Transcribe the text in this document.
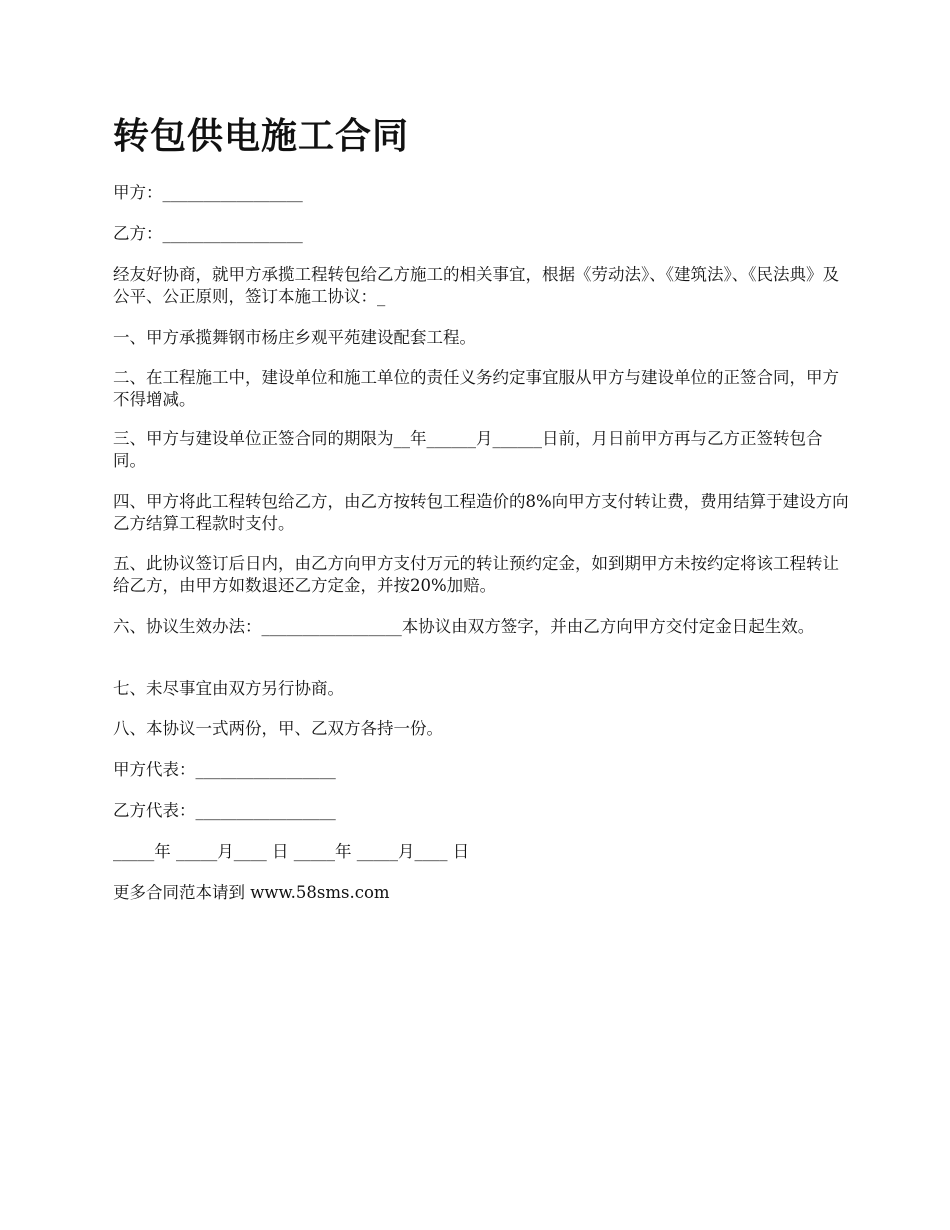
转包供电施工合同

甲方：_________________

乙方：_________________

经友好协商，就甲方承揽工程转包给乙方施工的相关事宜，根据《劳动法》、《建筑法》、《民法典》及公平、公正原则，签订本施工协议：_

一、甲方承揽舞钢市杨庄乡观平苑建设配套工程。

二、在工程施工中，建设单位和施工单位的责任义务约定事宜服从甲方与建设单位的正签合同，甲方不得增减。

三、甲方与建设单位正签合同的期限为__年______月______日前，月日前甲方再与乙方正签转包合同。

四、甲方将此工程转包给乙方，由乙方按转包工程造价的8%向甲方支付转让费，费用结算于建设方向乙方结算工程款时支付。

五、此协议签订后日内，由乙方向甲方支付万元的转让预约定金，如到期甲方未按约定将该工程转让给乙方，由甲方如数退还乙方定金，并按20%加赔。

六、协议生效办法：_________________本协议由双方签字，并由乙方向甲方交付定金日起生效。

七、未尽事宜由双方另行协商。

八、本协议一式两份，甲、乙双方各持一份。

甲方代表：_________________

乙方代表：_________________

_____年 _____月____ 日 _____年 _____月____ 日

更多合同范本请到 www.58sms.com
